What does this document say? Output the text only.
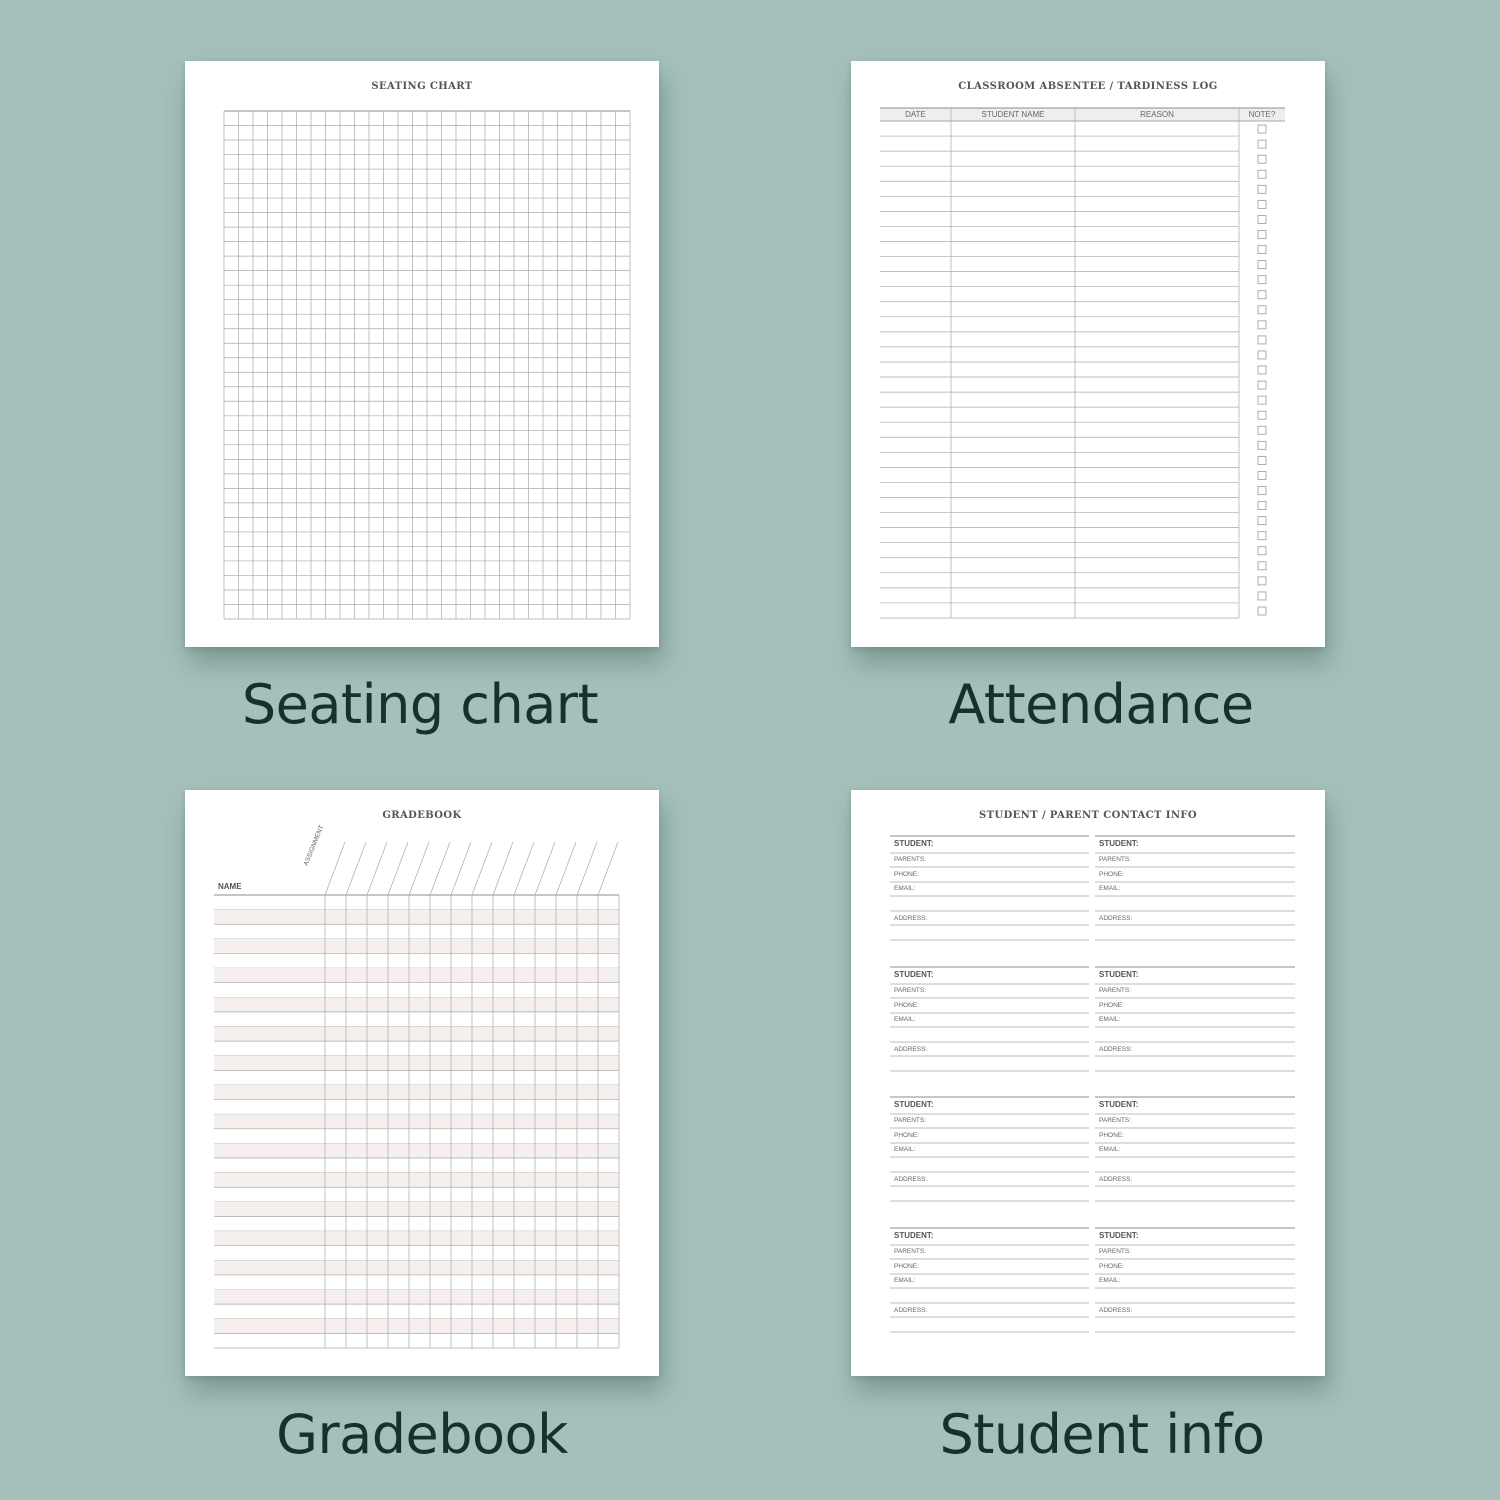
SEATING CHART
Seating chart
CLASSROOM ABSENTEE / TARDINESS LOG
DATE	STUDENT NAME	REASON	NOTE?
Attendance
GRADEBOOK
NAME
ASSIGNMENT
Gradebook
STUDENT / PARENT CONTACT INFO
STUDENT:
PARENTS:
PHONE:
EMAIL:
ADDRESS:
STUDENT:
PARENTS:
PHONE:
EMAIL:
ADDRESS:
STUDENT:
PARENTS:
PHONE:
EMAIL:
ADDRESS:
STUDENT:
PARENTS:
PHONE:
EMAIL:
ADDRESS:
STUDENT:
PARENTS:
PHONE:
EMAIL:
ADDRESS:
STUDENT:
PARENTS:
PHONE:
EMAIL:
ADDRESS:
STUDENT:
PARENTS:
PHONE:
EMAIL:
ADDRESS:
STUDENT:
PARENTS:
PHONE:
EMAIL:
ADDRESS:
Student info
